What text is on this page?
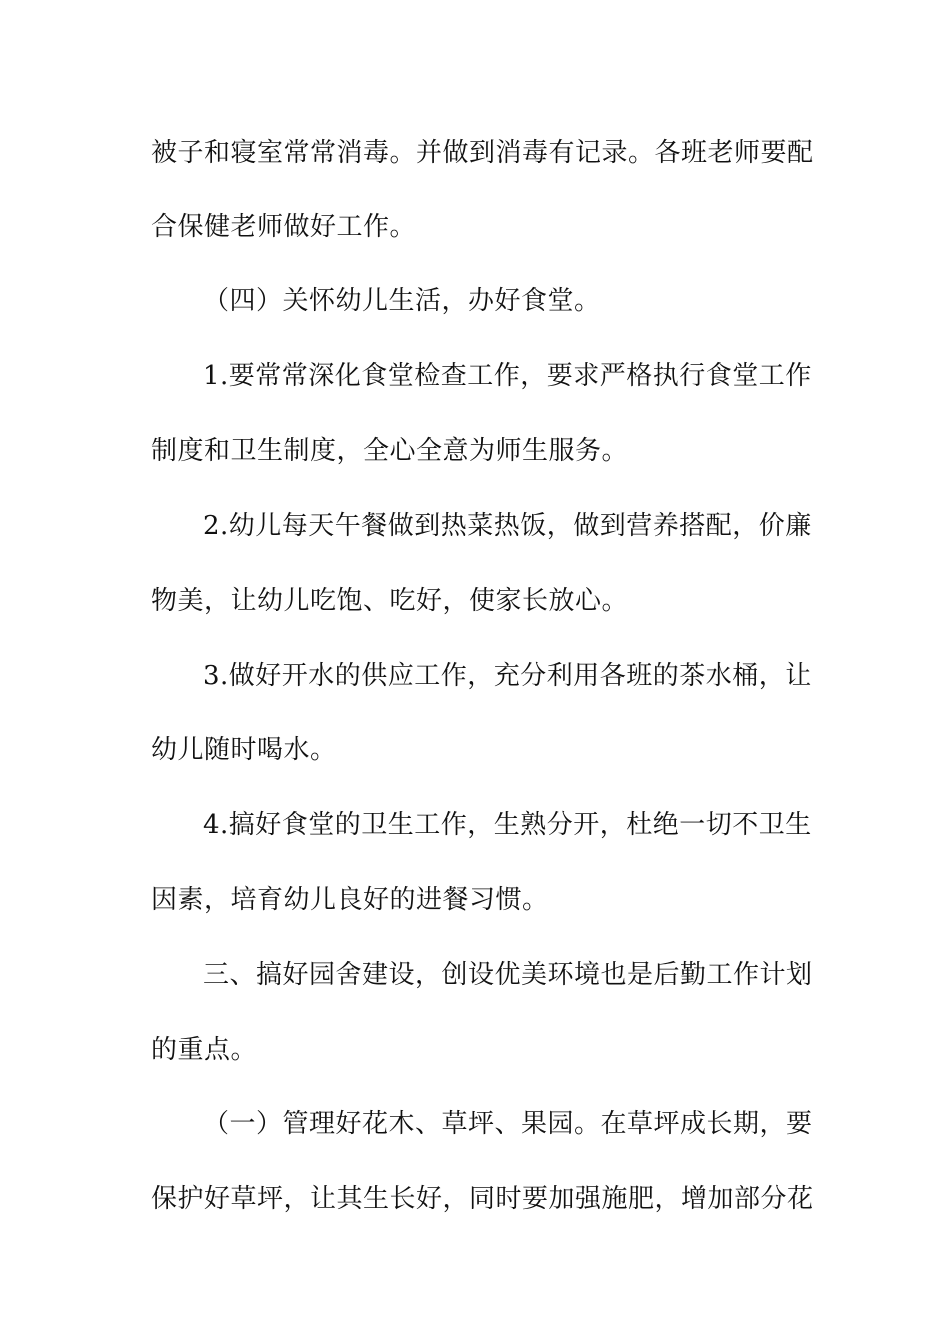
被子和寝室常常消毒。并做到消毒有记录。各班老师要配
合保健老师做好工作。
（四）关怀幼儿生活，办好食堂。
1.要常常深化食堂检查工作，要求严格执行食堂工作
制度和卫生制度，全心全意为师生服务。
2.幼儿每天午餐做到热菜热饭，做到营养搭配，价廉
物美，让幼儿吃饱、吃好，使家长放心。
3.做好开水的供应工作，充分利用各班的茶水桶，让
幼儿随时喝水。
4.搞好食堂的卫生工作，生熟分开，杜绝一切不卫生
因素，培育幼儿良好的进餐习惯。
三、搞好园舍建设，创设优美环境也是后勤工作计划
的重点。
（一）管理好花木、草坪、果园。在草坪成长期，要
保护好草坪，让其生长好，同时要加强施肥，增加部分花
